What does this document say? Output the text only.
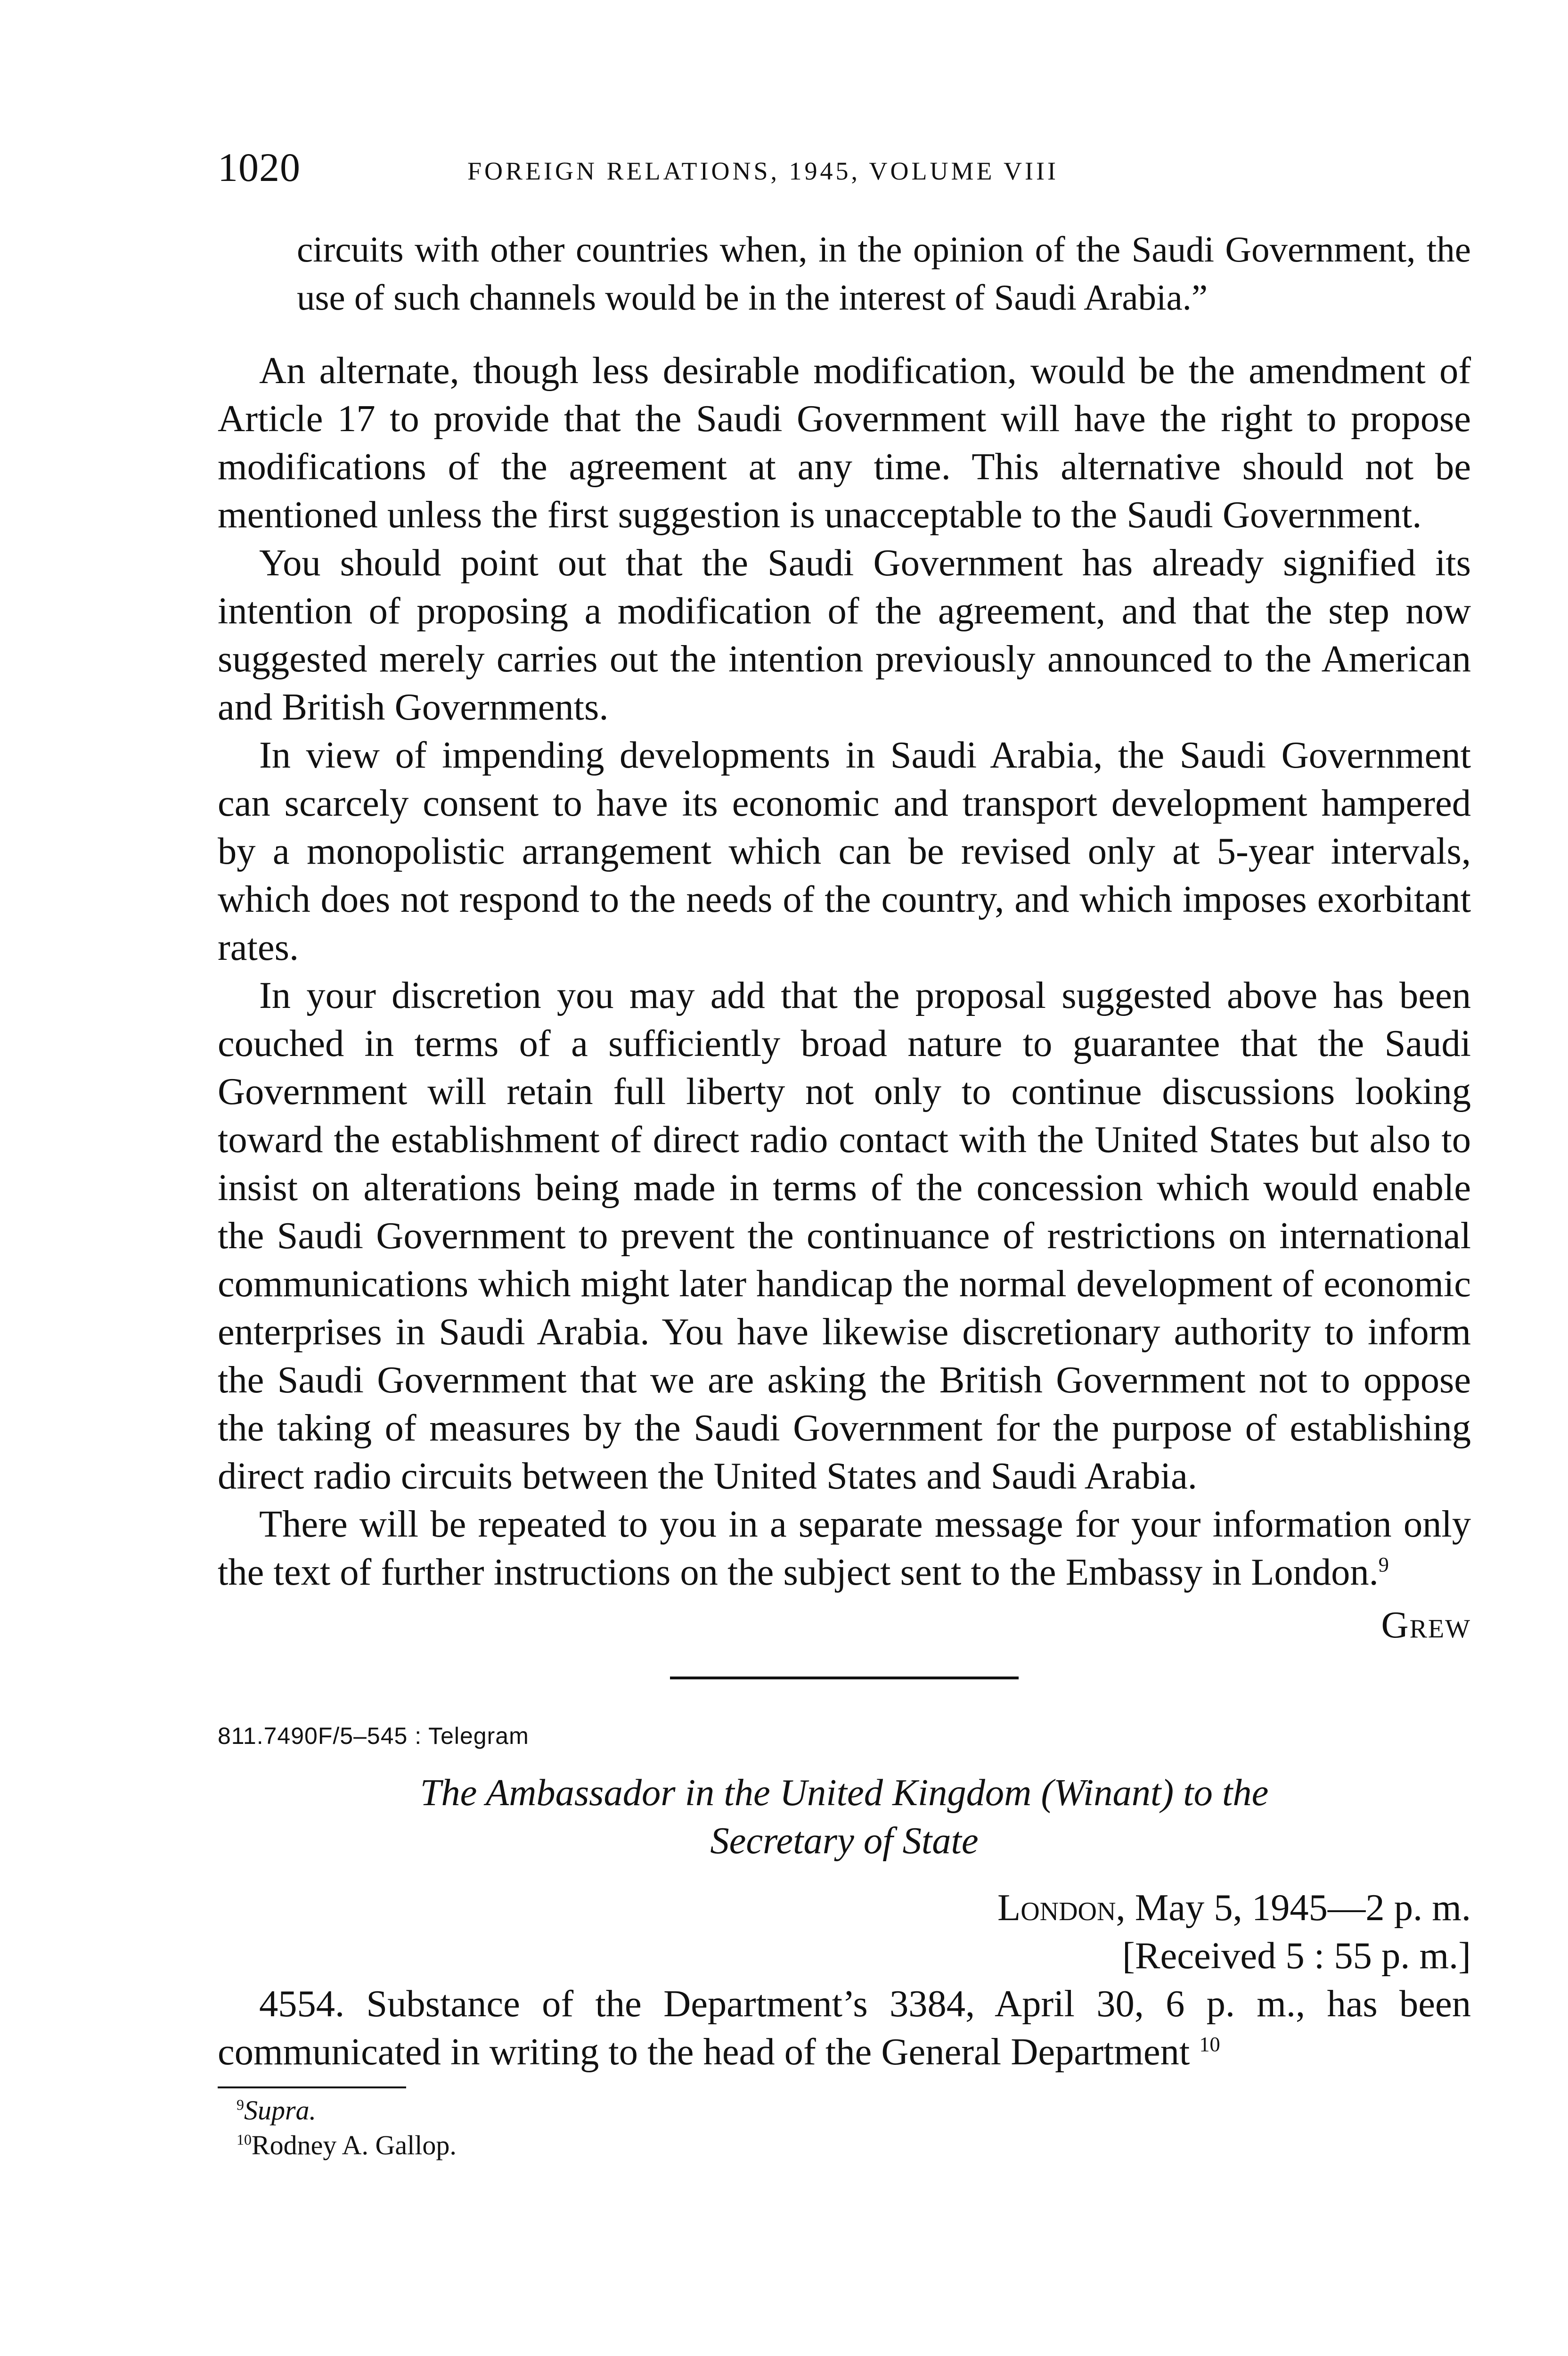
1020	FOREIGN RELATIONS, 1945, VOLUME VIII

circuits with other countries when, in the opinion of the Saudi Government, the use of such channels would be in the interest of Saudi Arabia.”

An alternate, though less desirable modification, would be the amendment of Article 17 to provide that the Saudi Government will have the right to propose modifications of the agreement at any time. This alternative should not be mentioned unless the first suggestion is unacceptable to the Saudi Government.

You should point out that the Saudi Government has already signified its intention of proposing a modification of the agreement, and that the step now suggested merely carries out the intention previously announced to the American and British Governments.

In view of impending developments in Saudi Arabia, the Saudi Government can scarcely consent to have its economic and transport development hampered by a monopolistic arrangement which can be revised only at 5-year intervals, which does not respond to the needs of the country, and which imposes exorbitant rates.

In your discretion you may add that the proposal suggested above has been couched in terms of a sufficiently broad nature to guarantee that the Saudi Government will retain full liberty not only to continue discussions looking toward the establishment of direct radio contact with the United States but also to insist on alterations being made in terms of the concession which would enable the Saudi Government to prevent the continuance of restrictions on international communications which might later handicap the normal development of economic enterprises in Saudi Arabia. You have likewise discretionary authority to inform the Saudi Government that we are asking the British Government not to oppose the taking of measures by the Saudi Government for the purpose of establishing direct radio circuits between the United States and Saudi Arabia.

There will be repeated to you in a separate message for your information only the text of further instructions on the subject sent to the Embassy in London.$^9$

Grew
811.7490F/5–545 : Telegram
The Ambassador in the United Kingdom (Winant) to the
Secretary of State
London, May 5, 1945—2 p. m.
[Received 5 : 55 p. m.]

4554. Substance of the Department’s 3384, April 30, 6 p. m., has been communicated in writing to the head of the General Department $^{10}$

$^9$Supra.
$^{10}$Rodney A. Gallop.
